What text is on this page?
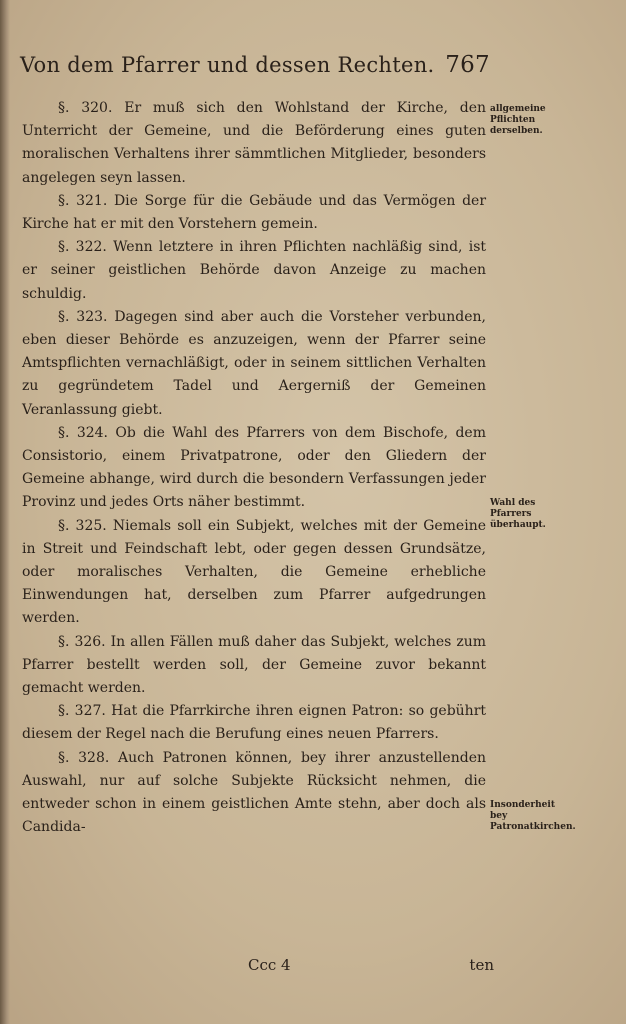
Von dem Pfarrer und dessen Rechten. 767

§. 320. Er muß sich den Wohlstand der Kirche, den Unterricht der Gemeine, und die Beförderung eines guten moralischen Verhaltens ihrer sämmtlichen Mitglieder, besonders angelegen seyn lassen.

§. 321. Die Sorge für die Gebäude und das Vermögen der Kirche hat er mit den Vorstehern gemein.

§. 322. Wenn letztere in ihren Pflichten nachläßig sind, ist er seiner geistlichen Behörde davon Anzeige zu machen schuldig.

§. 323. Dagegen sind aber auch die Vorsteher verbunden, eben dieser Behörde es anzuzeigen, wenn der Pfarrer seine Amtspflichten vernachläßigt, oder in seinem sittlichen Verhalten zu gegründetem Tadel und Aergerniß der Gemeinen Veranlassung giebt.

§. 324. Ob die Wahl des Pfarrers von dem Bischofe, dem Consistorio, einem Privatpatrone, oder den Gliedern der Gemeine abhange, wird durch die besondern Verfassungen jeder Provinz und jedes Orts näher bestimmt.

§. 325. Niemals soll ein Subjekt, welches mit der Gemeine in Streit und Feindschaft lebt, oder gegen dessen Grundsätze, oder moralisches Verhalten, die Gemeine erhebliche Einwendungen hat, derselben zum Pfarrer aufgedrungen werden.

§. 326. In allen Fällen muß daher das Subjekt, welches zum Pfarrer bestellt werden soll, der Gemeine zuvor bekannt gemacht werden.

§. 327. Hat die Pfarrkirche ihren eignen Patron: so gebührt diesem der Regel nach die Berufung eines neuen Pfarrers.

§. 328. Auch Patronen können, bey ihrer anzustellenden Auswahl, nur auf solche Subjekte Rücksicht nehmen, die entweder schon in einem geistlichen Amte stehn, aber doch als Candida-

allgemeine Pflichten derselben.
Wahl des Pfarrers überhaupt.
Insonderheit bey Patronatkirchen.
Ccc 4	ten
